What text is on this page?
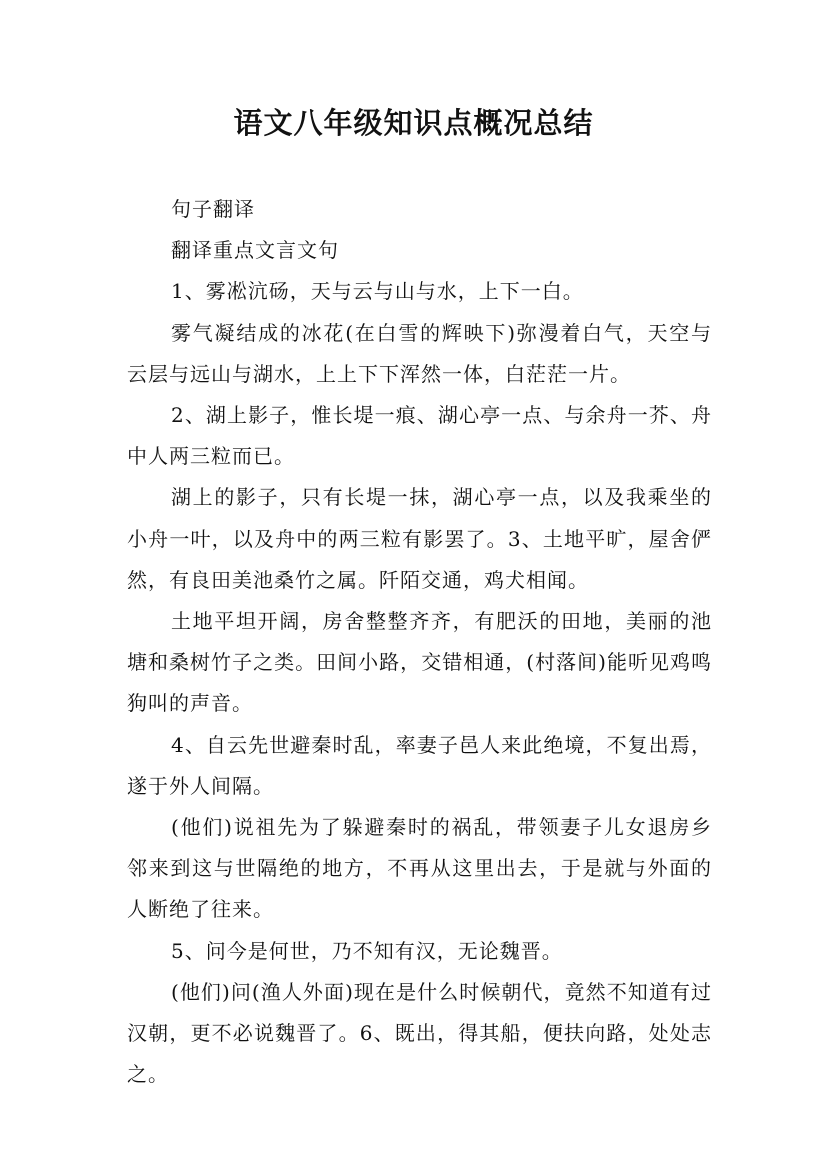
语文八年级知识点概况总结

句子翻译

翻译重点文言文句

1、雾凇沆砀，天与云与山与水，上下一白。

雾气凝结成的冰花(在白雪的辉映下)弥漫着白气，天空与云层与远山与湖水，上上下下浑然一体，白茫茫一片。

2、湖上影子，惟长堤一痕、湖心亭一点、与余舟一芥、舟中人两三粒而已。

湖上的影子，只有长堤一抹，湖心亭一点，以及我乘坐的小舟一叶，以及舟中的两三粒有影罢了。3、土地平旷，屋舍俨然，有良田美池桑竹之属。阡陌交通，鸡犬相闻。

土地平坦开阔，房舍整整齐齐，有肥沃的田地，美丽的池塘和桑树竹子之类。田间小路，交错相通，(村落间)能听见鸡鸣狗叫的声音。

4、自云先世避秦时乱，率妻子邑人来此绝境，不复出焉，遂于外人间隔。

(他们)说祖先为了躲避秦时的祸乱，带领妻子儿女退房乡邻来到这与世隔绝的地方，不再从这里出去，于是就与外面的人断绝了往来。

5、问今是何世，乃不知有汉，无论魏晋。

(他们)问(渔人外面)现在是什么时候朝代，竟然不知道有过汉朝，更不必说魏晋了。6、既出，得其船，便扶向路，处处志之。
